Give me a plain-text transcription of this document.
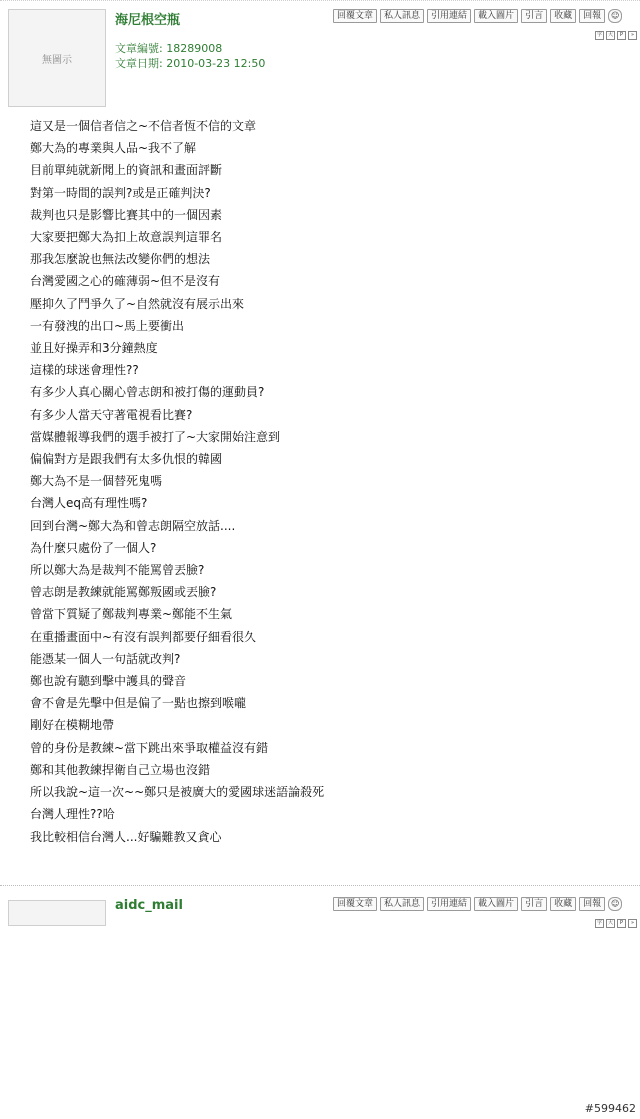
無圖示
海尼根空瓶
文章編號: 18289008
文章日期: 2010-03-23 12:50
回覆文章	私人訊息	引用連結	載入圖片	引言	收藏	回報	☺
字	大	P	»
這又是一個信者信之~不信者恆不信的文章
鄭大為的專業與人品~我不了解
目前單純就新聞上的資訊和畫面評斷
對第一時間的誤判?或是正確判決?
裁判也只是影響比賽其中的一個因素
大家要把鄭大為扣上故意誤判這罪名
那我怎麼說也無法改變你們的想法
台灣愛國之心的確薄弱~但不是沒有
壓抑久了鬥爭久了~自然就沒有展示出來
一有發洩的出口~馬上要衝出
並且好操弄和3分鐘熱度
這樣的球迷會理性??
有多少人真心關心曾志朗和被打傷的運動員?
有多少人當天守著電視看比賽?
當媒體報導我們的選手被打了~大家開始注意到
偏偏對方是跟我們有太多仇恨的韓國
鄭大為不是一個替死鬼嗎
台灣人eq高有理性嗎?
回到台灣~鄭大為和曾志朗隔空放話....
為什麼只處份了一個人?
所以鄭大為是裁判不能罵曾丟臉?
曾志朗是教練就能罵鄭叛國或丟臉?
曾當下質疑了鄭裁判專業~鄭能不生氣
在重播畫面中~有沒有誤判都要仔細看很久
能憑某一個人一句話就改判?
鄭也說有聽到擊中護具的聲音
會不會是先擊中但是偏了一點也擦到喉嚨
剛好在模糊地帶
曾的身份是教練~當下跳出來爭取權益沒有錯
鄭和其他教練捍衛自己立場也沒錯
所以我說~這一次~~鄭只是被廣大的愛國球迷語論殺死
台灣人理性??哈
我比較相信台灣人...好騙難教又貪心
aidc_mail	回覆文章	私人訊息	引用連結	載入圖片	引言	收藏	回報	☺
字	大	P	»
#599462
